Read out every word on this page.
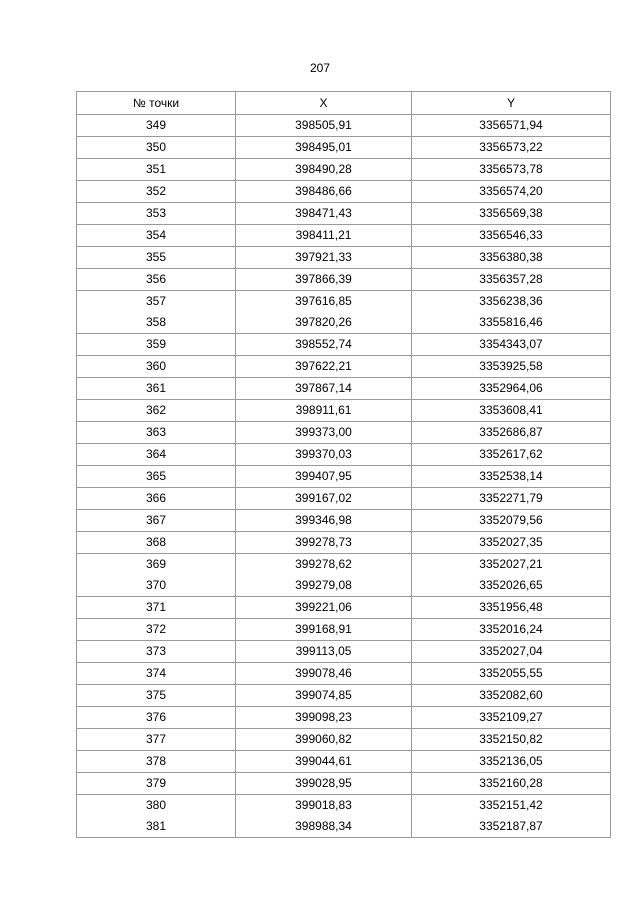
207
№ точки	X	Y
349	398505,91	3356571,94
350	398495,01	3356573,22
351	398490,28	3356573,78
352	398486,66	3356574,20
353	398471,43	3356569,38
354	398411,21	3356546,33
355	397921,33	3356380,38
356	397866,39	3356357,28
357	397616,85	3356238,36
358	397820,26	3355816,46
359	398552,74	3354343,07
360	397622,21	3353925,58
361	397867,14	3352964,06
362	398911,61	3353608,41
363	399373,00	3352686,87
364	399370,03	3352617,62
365	399407,95	3352538,14
366	399167,02	3352271,79
367	399346,98	3352079,56
368	399278,73	3352027,35
369	399278,62	3352027,21
370	399279,08	3352026,65
371	399221,06	3351956,48
372	399168,91	3352016,24
373	399113,05	3352027,04
374	399078,46	3352055,55
375	399074,85	3352082,60
376	399098,23	3352109,27
377	399060,82	3352150,82
378	399044,61	3352136,05
379	399028,95	3352160,28
380	399018,83	3352151,42
381	398988,34	3352187,87
